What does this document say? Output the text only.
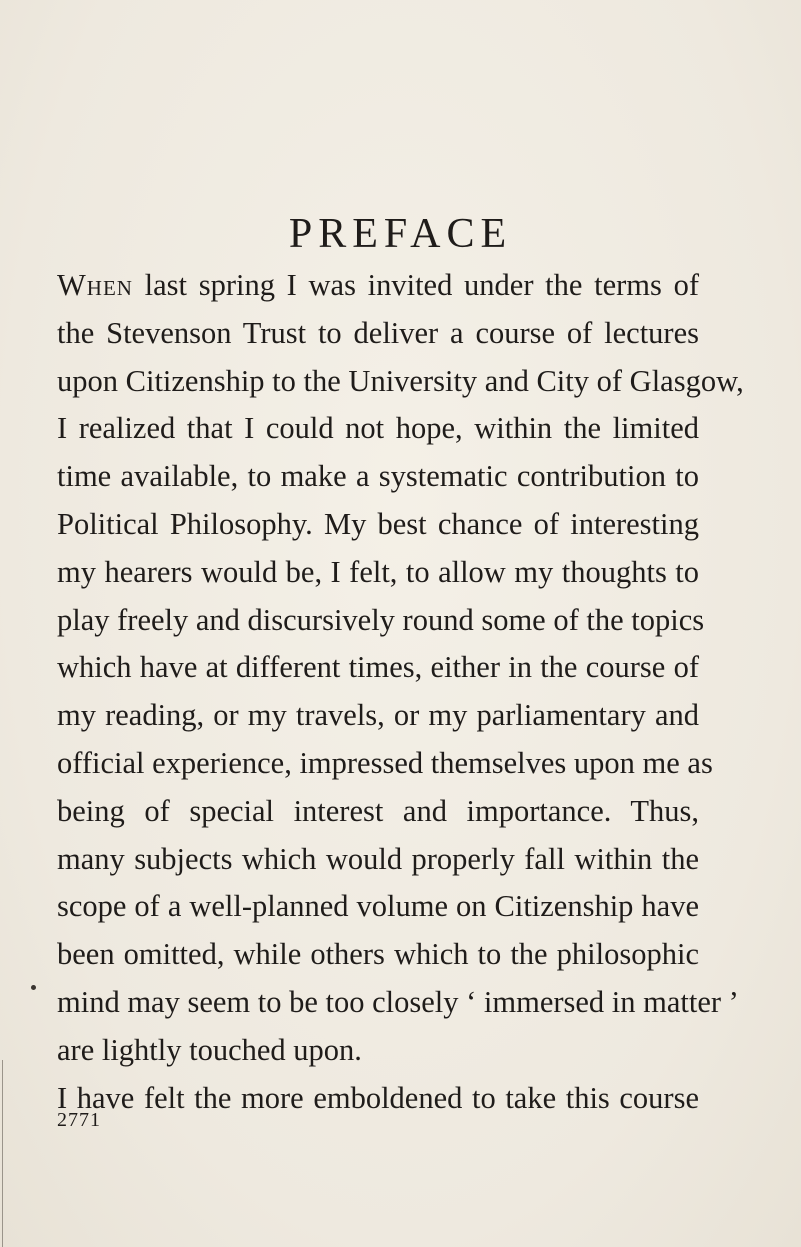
PREFACE
When last spring I was invited under the terms of
the Stevenson Trust to deliver a course of lectures
upon Citizenship to the University and City of Glasgow,
I realized that I could not hope, within the limited
time available, to make a systematic contribution to
Political Philosophy. My best chance of interesting
my hearers would be, I felt, to allow my thoughts to
play freely and discursively round some of the topics
which have at different times, either in the course of
my reading, or my travels, or my parliamentary and
official experience, impressed themselves upon me as
being of special interest and importance. Thus,
many subjects which would properly fall within the
scope of a well-planned volume on Citizenship have
been omitted, while others which to the philosophic
mind may seem to be too closely ‘ immersed in matter ’
are lightly touched upon.
I have felt the more emboldened to take this course
2771
